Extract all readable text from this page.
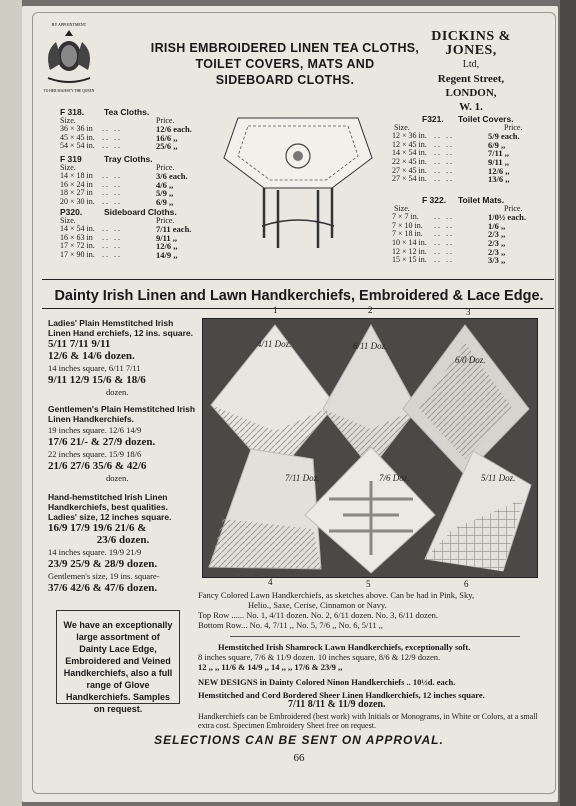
BY APPOINTMENT
TO HER MAJESTY THE QUEEN
IRISH EMBROIDERED LINEN TEA CLOTHS,
TOILET COVERS, MATS AND
SIDEBOARD CLOTHS.
DICKINS & JONES,
Ltd,
Regent Street,
LONDON,
W. 1.
F 318.	Tea Cloths.
Size.	Price.
36 × 36 in	.. ..	12/6 each.
45 × 45 in. .. ..	16/6 ,,
54 × 54 in. .. ..	25/6 ,,
F 319	Tray Cloths.
Size.	Price.
14 × 18 in	.. ..	3/6 each.
16 × 24 in	.. ..	4/6 ,,
18 × 27 in	.. ..	5/9 ,,
20 × 30 in. .. ..	6/9 ,,
P320.	Sideboard Cloths.
Size.	Price.
14 × 54 in. .. ..	7/11 each.
16 × 63 in	.. ..	9/11 ,,
17 × 72 in. .. ..	12/6 ,,
17 × 90 in. .. ..	14/9 ,,
F321.	Toilet Covers.
Size.	Price.
12 × 36 in. .. ..	5/9 each.
12 × 45 in. .. ..	6/9 ,,
14 × 54 in. .. ..	7/11 ,,
22 × 45 in. .. ..	9/11 ,,
27 × 45 in. .. ..	12/6 ,,
27 × 54 in. .. ..	13/6 ,,
F 322.	Toilet Mats.
Size.	Price.
7 × 7 in.	.. ..	1/0½ each.
7 × 10 in.	.. ..	1/6 ,,
7 × 18 in.	.. ..	2/3 ,,
10 × 14 in. .. ..	2/3 ,,
12 × 12 in. .. ..	2/3 ,,
15 × 15 in. .. ..	3/3 ,,
Dainty Irish Linen and Lawn Handkerchiefs, Embroidered & Lace Edge.
Ladies' Plain Hemstitched Irish Linen Hand erchiefs, 12 ins. square.
5/11 7/11 9/11
12/6 & 14/6 dozen.
14 inches square, 6/11 7/11
9/11 12/9 15/6 & 18/6
dozen.
Gentlemen's Plain Hemstitched Irish Linen Handkerchiefs.
19 inches square. 12/6 14/9
17/6 21/- & 27/9 dozen.
22 inches square. 15/9 18/6
21/6 27/6 35/6 & 42/6
dozen.
Hand-hemstitched Irish Linen Handkerchiefs, best qualities. Ladies' size, 12 inches square.
16/9 17/9 19/6 21/6 &
23/6 dozen.
14 inches square. 19/9 21/9
23/9 25/9 & 28/9 dozen.
Gentlemen's size, 19 ins. square-
37/6 42/6 & 47/6 dozen.
We have an exceptionally large assortment of Dainty Lace Edge, Embroidered and Veined Handkerchiefs, also a full range of Glove Handkerchiefs. Samples on request.
1	2	3
4/11 Doz.	6/11 Doz.
6/0 Doz.
7/11 Doz.	7/6 Doz.	5/11 Doz.
4	5	6
Fancy Colored Lawn Handkerchiefs, as sketches above. Can be had in Pink, Sky,
Helio., Saxe, Cerise, Cinnamon or Navy.
Top Row ...... No. 1, 4/11 dozen. No. 2, 6/11 dozen. No. 3, 6/11 dozen.
Bottom Row... No. 4, 7/11 ,, No. 5, 7/6 ,, No. 6, 5/11 ,,
Hemstitched Irish Shamrock Lawn Handkerchiefs, exceptionally soft.
8 inches square, 7/6 & 11/9 dozen. 10 inches square, 8/6 & 12/9 dozen.
12 ,, ,, 11/6 & 14/9 ,, 14 ,, ,, 17/6 & 23/9 ,,
NEW DESIGNS in Dainty Colored Ninon Handkerchiefs .. 10½d. each.
Hemstitched and Cord Bordered Sheer Linen Handkerchiefs, 12 inches square.
7/11 8/11 & 11/9 dozen.
Handkerchiefs can be Embroidered (best work) with Initials or Monograms, in White or Colors, at a small extra cost. Specimen Embroidery Sheet free on request.
SELECTIONS CAN BE SENT ON APPROVAL.
66
